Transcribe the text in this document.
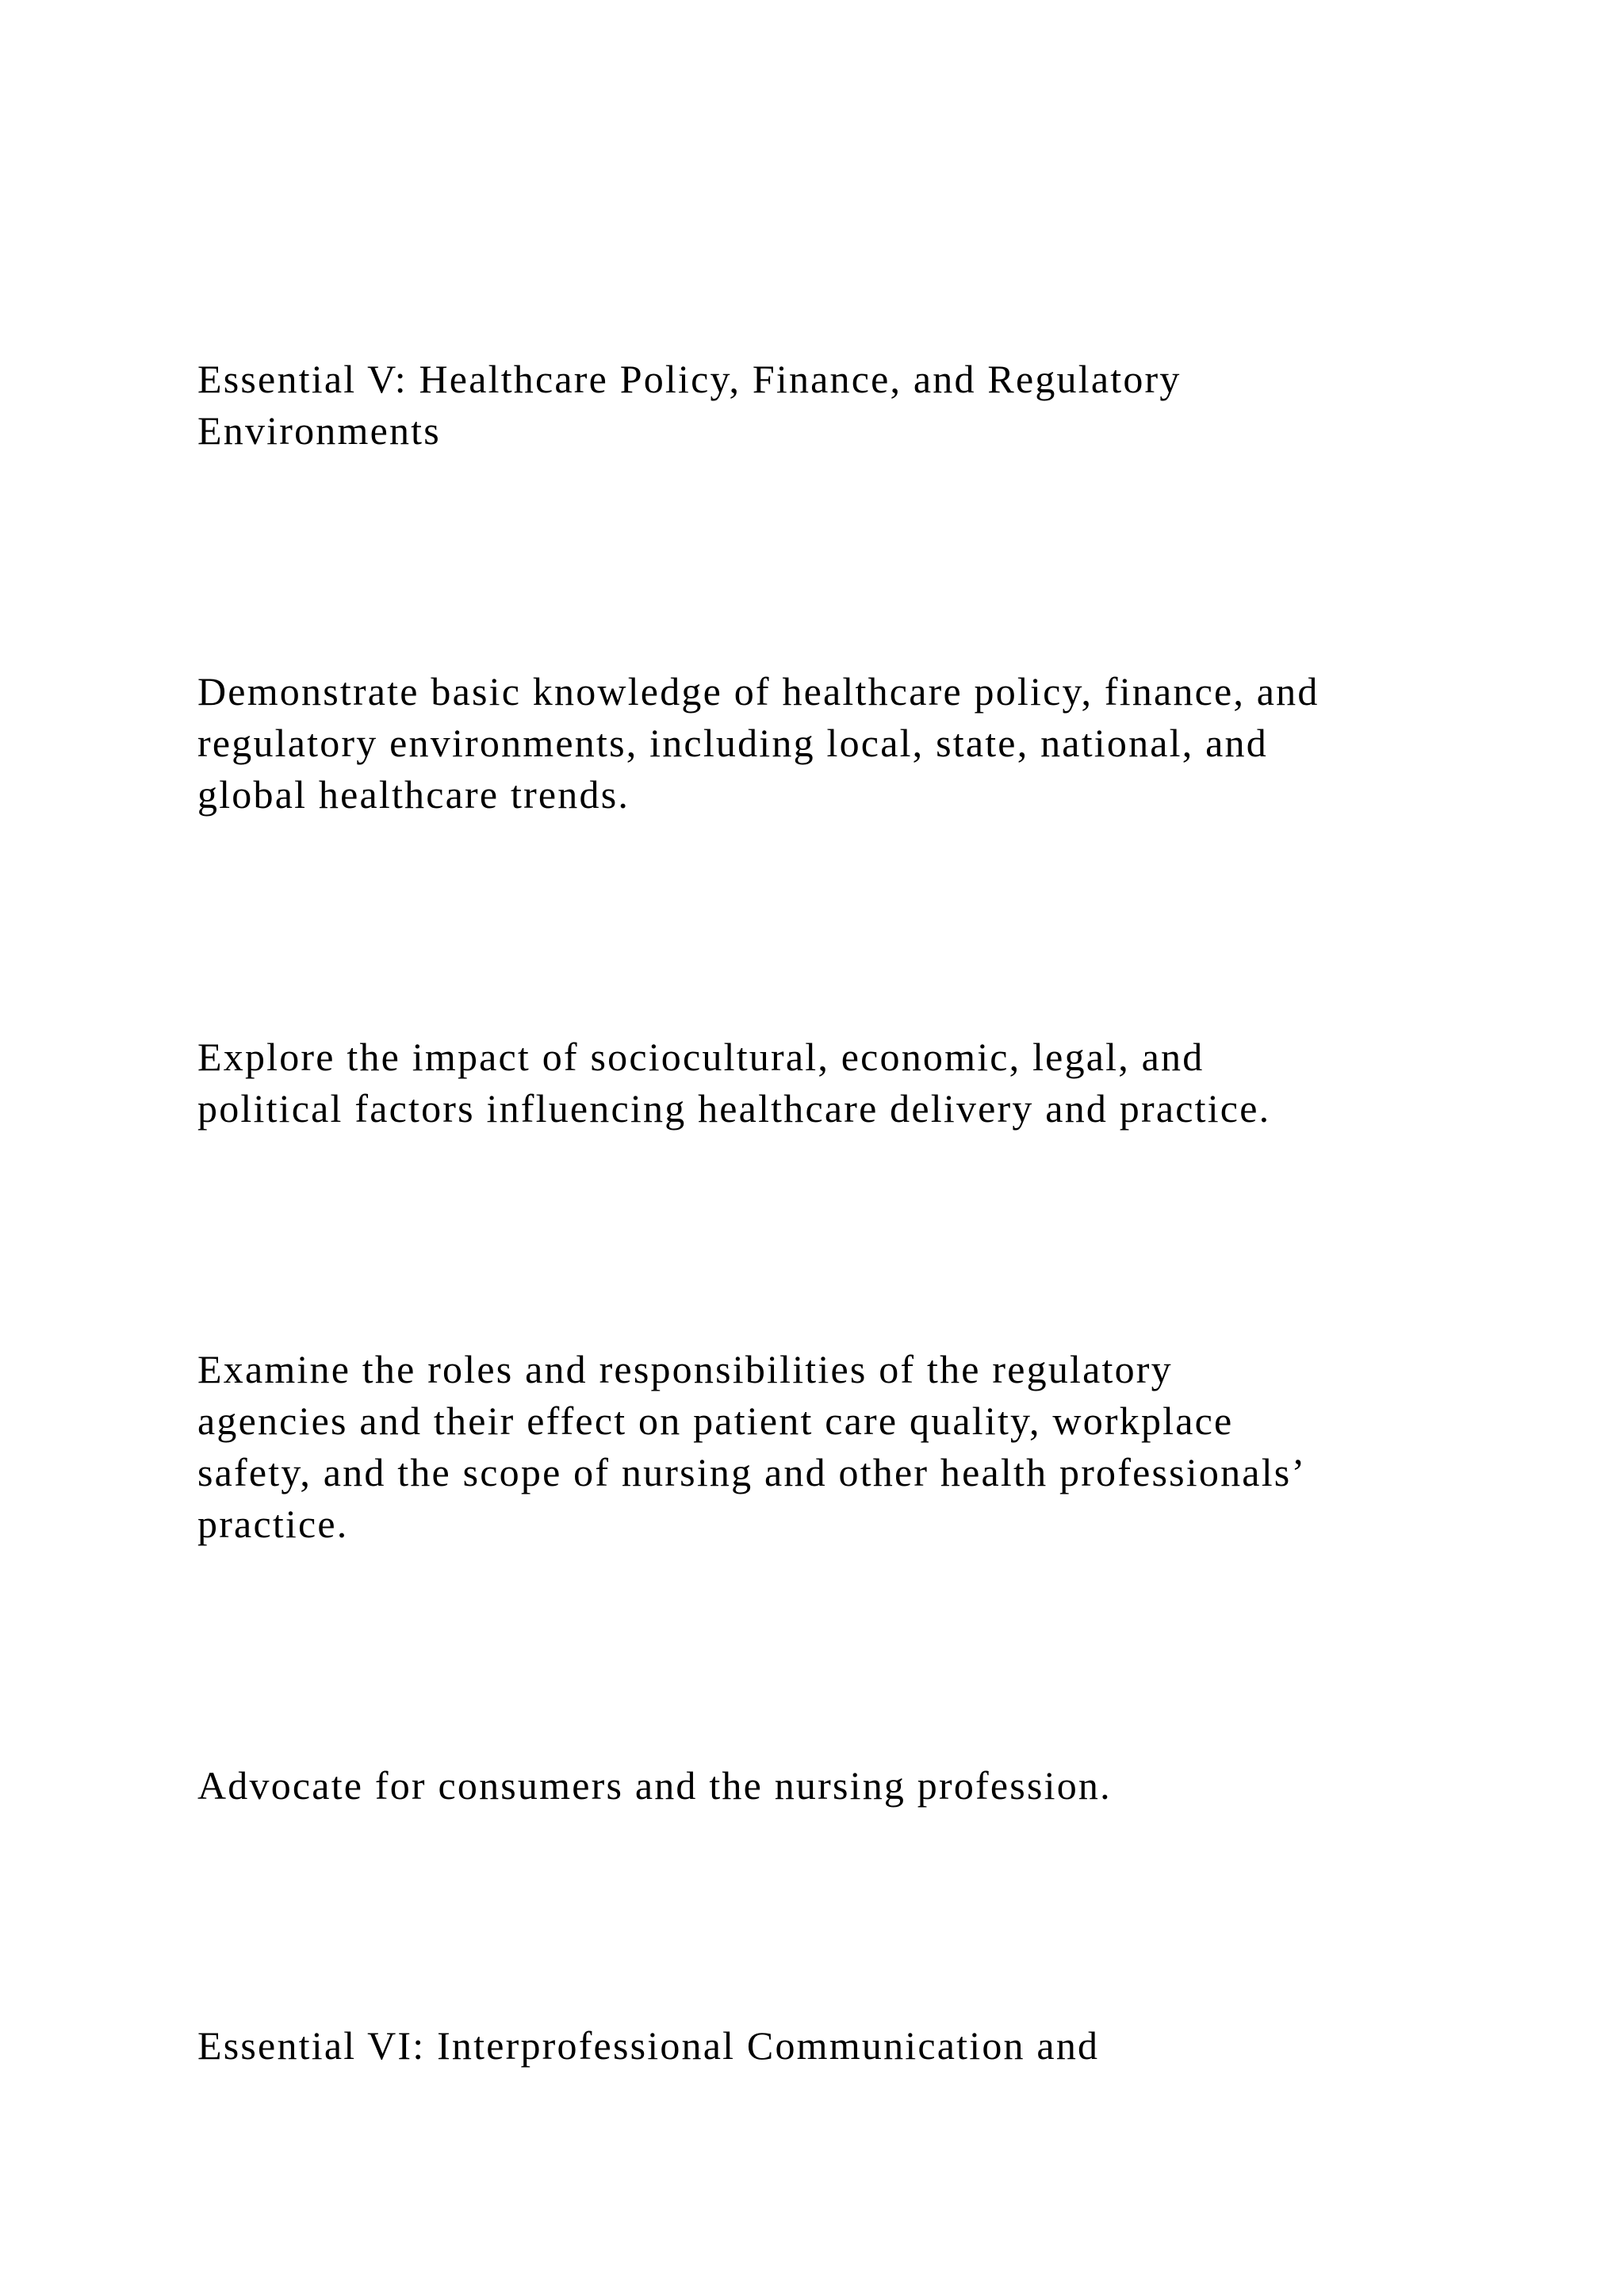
Essential V: Healthcare Policy, Finance, and Regulatory
Environments

Demonstrate basic knowledge of healthcare policy, finance, and
regulatory environments, including local, state, national, and
global healthcare trends.

Explore the impact of sociocultural, economic, legal, and
political factors influencing healthcare delivery and practice.

Examine the roles and responsibilities of the regulatory
agencies and their effect on patient care quality, workplace
safety, and the scope of nursing and other health professionals’
practice.

Advocate for consumers and the nursing profession.

Essential VI: Interprofessional Communication and
